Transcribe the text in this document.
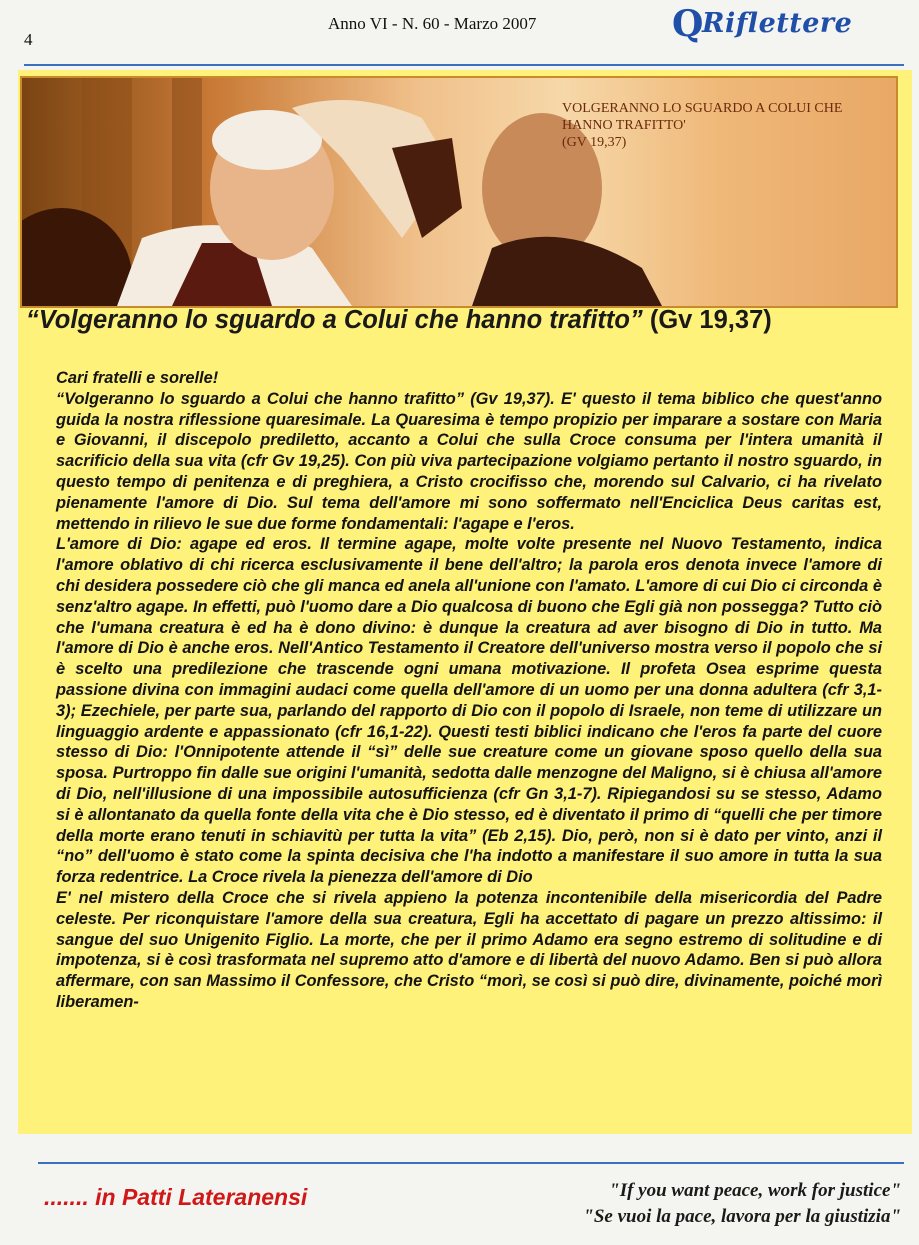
4
Anno VI - N. 60 - Marzo 2007	Q
Riflettere
VOLGERANNO LO SGUARDO A COLUI CHE HANNO TRAFITTO'
(GV 19,37)
“Volgeranno lo sguardo a Colui che hanno trafitto” (Gv 19,37)

Cari fratelli e sorelle!

“Volgeranno lo sguardo a Colui che hanno trafitto” (Gv 19,37). E' questo il tema biblico che quest'anno guida la nostra riflessione quaresimale. La Quaresima è tempo propizio per imparare a sostare con Maria e Giovanni, il discepolo prediletto, accanto a Colui che sulla Croce consuma per l'intera umanità il sacrificio della sua vita (cfr Gv 19,25). Con più viva partecipazione volgiamo pertanto il nostro sguardo, in questo tempo di penitenza e di preghiera, a Cristo crocifisso che, morendo sul Calvario, ci ha rivelato pienamente l'amore di Dio. Sul tema dell'amore mi sono soffermato nell'Enciclica Deus caritas est, mettendo in rilievo le sue due forme fondamentali: l'agape e l'eros.

L'amore di Dio: agape ed eros. Il termine agape, molte volte presente nel Nuovo Testamento, indica l'amore oblativo di chi ricerca esclusivamente il bene dell'altro; la parola eros denota invece l'amore di chi desidera possedere ciò che gli manca ed anela all'unione con l'amato. L'amore di cui Dio ci circonda è senz'altro agape. In effetti, può l'uomo dare a Dio qualcosa di buono che Egli già non possegga? Tutto ciò che l'umana creatura è ed ha è dono divino: è dunque la creatura ad aver bisogno di Dio in tutto. Ma l'amore di Dio è anche eros. Nell'Antico Testamento il Creatore dell'universo mostra verso il popolo che si è scelto una predilezione che trascende ogni umana motivazione. Il profeta Osea esprime questa passione divina con immagini audaci come quella dell'amore di un uomo per una donna adultera (cfr 3,1-3); Ezechiele, per parte sua, parlando del rapporto di Dio con il popolo di Israele, non teme di utilizzare un linguaggio ardente e appassionato (cfr 16,1-22). Questi testi biblici indicano che l'eros fa parte del cuore stesso di Dio: l'Onnipotente attende il “sì” delle sue creature come un giovane sposo quello della sua sposa. Purtroppo fin dalle sue origini l'umanità, sedotta dalle menzogne del Maligno, si è chiusa all'amore di Dio, nell'illusione di una impossibile autosufficienza (cfr Gn 3,1-7). Ripiegandosi su se stesso, Adamo si è allontanato da quella fonte della vita che è Dio stesso, ed è diventato il primo di “quelli che per timore della morte erano tenuti in schiavitù per tutta la vita” (Eb 2,15). Dio, però, non si è dato per vinto, anzi il “no” dell'uomo è stato come la spinta decisiva che l'ha indotto a manifestare il suo amore in tutta la sua forza redentrice. La Croce rivela la pienezza dell'amore di Dio

E' nel mistero della Croce che si rivela appieno la potenza incontenibile della misericordia del Padre celeste. Per riconquistare l'amore della sua creatura, Egli ha accettato di pagare un prezzo altissimo: il sangue del suo Unigenito Figlio. La morte, che per il primo Adamo era segno estremo di solitudine e di impotenza, si è così trasformata nel supremo atto d'amore e di libertà del nuovo Adamo. Ben si può allora affermare, con san Massimo il Confessore, che Cristo “morì, se così si può dire, divinamente, poiché morì liberamen-

....... in Patti Lateranensi	"If you want peace, work for justice"
"Se vuoi la pace, lavora per la giustizia"
